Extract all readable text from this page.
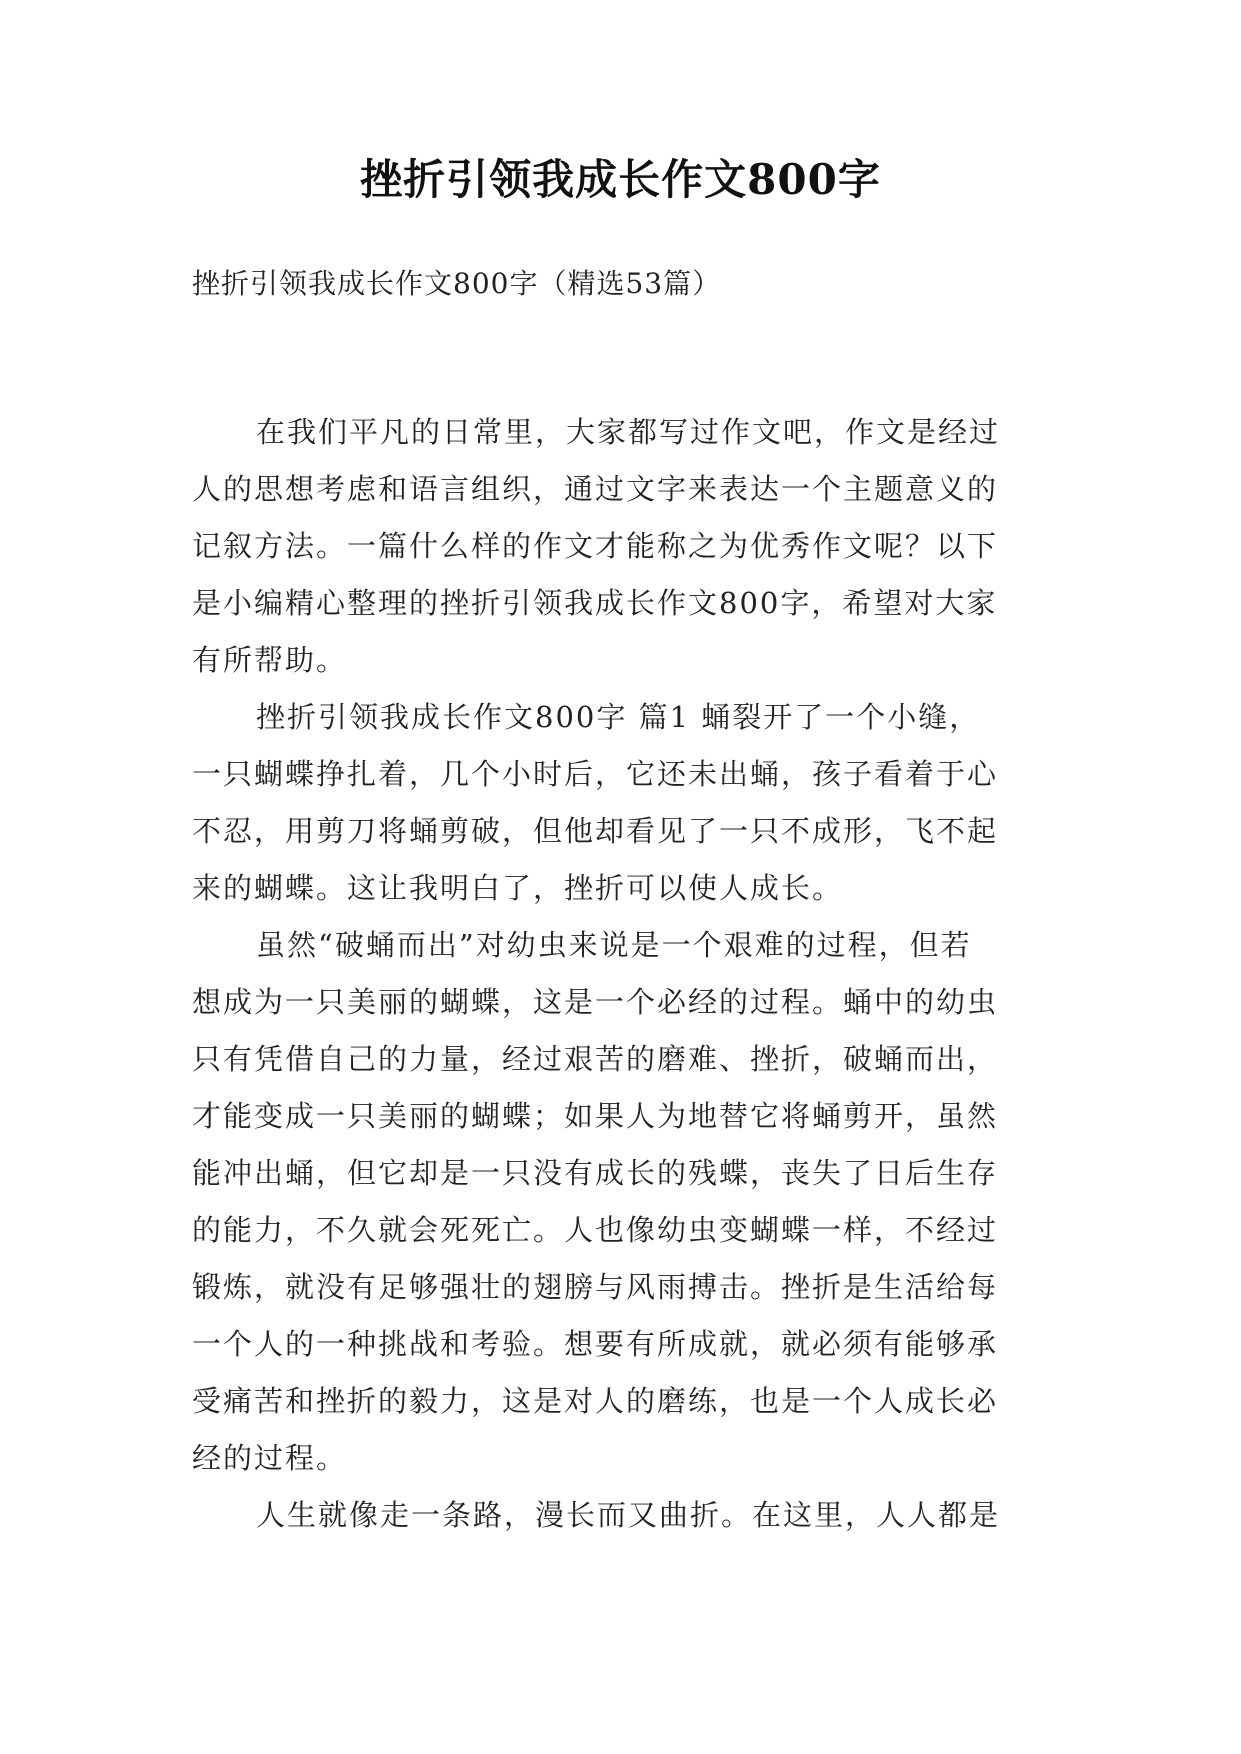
挫折引领我成长作文800字
挫折引领我成长作文800字（精选53篇）

在我们平凡的日常里，大家都写过作文吧，作文是经过
人的思想考虑和语言组织，通过文字来表达一个主题意义的
记叙方法。一篇什么样的作文才能称之为优秀作文呢？以下
是小编精心整理的挫折引领我成长作文800字，希望对大家
有所帮助。

挫折引领我成长作文800字 篇1 蛹裂开了一个小缝，
一只蝴蝶挣扎着，几个小时后，它还未出蛹，孩子看着于心
不忍，用剪刀将蛹剪破，但他却看见了一只不成形，飞不起
来的蝴蝶。这让我明白了，挫折可以使人成长。

虽然“破蛹而出”对幼虫来说是一个艰难的过程，但若
想成为一只美丽的蝴蝶，这是一个必经的过程。蛹中的幼虫
只有凭借自己的力量，经过艰苦的磨难、挫折，破蛹而出，
才能变成一只美丽的蝴蝶；如果人为地替它将蛹剪开，虽然
能冲出蛹，但它却是一只没有成长的残蝶，丧失了日后生存
的能力，不久就会死死亡。人也像幼虫变蝴蝶一样，不经过
锻炼，就没有足够强壮的翅膀与风雨搏击。挫折是生活给每
一个人的一种挑战和考验。想要有所成就，就必须有能够承
受痛苦和挫折的毅力，这是对人的磨练，也是一个人成长必
经的过程。

人生就像走一条路，漫长而又曲折。在这里，人人都是
